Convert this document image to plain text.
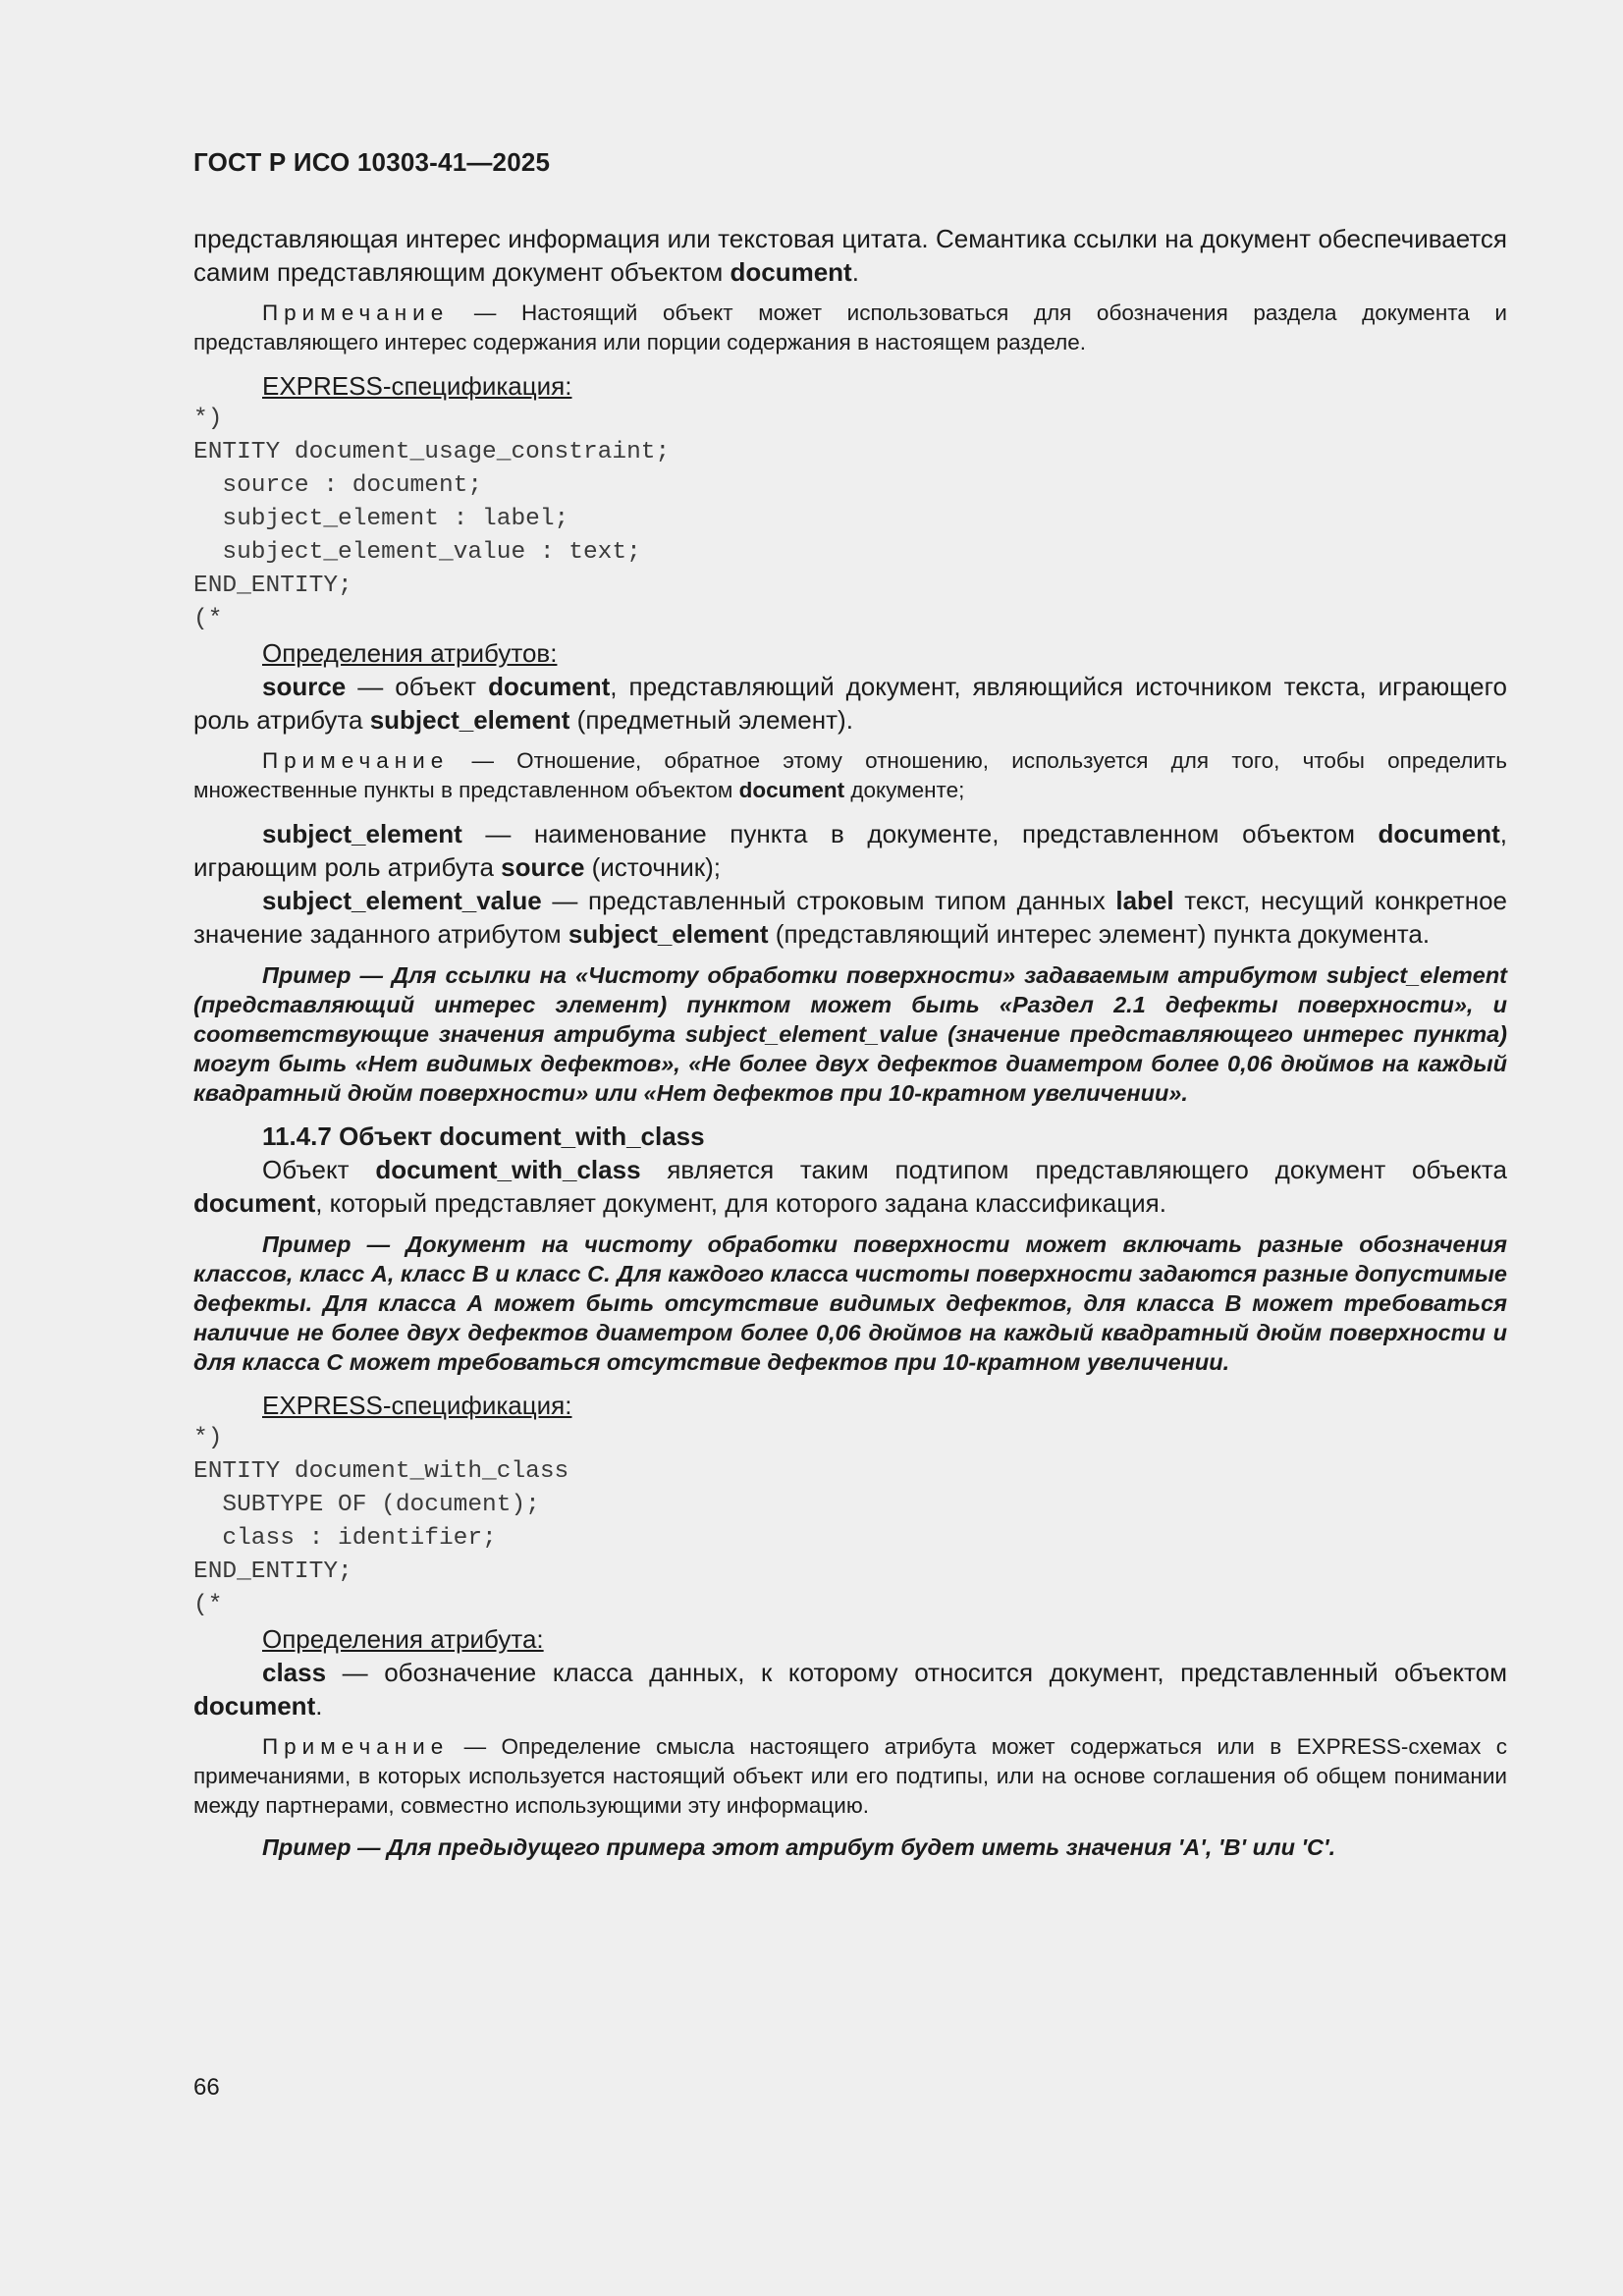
ГОСТ Р ИСО 10303-41—2025

представляющая интерес информация или текстовая цитата. Семантика ссылки на документ обеспечивается самим представляющим документ объектом document.

Примечание — Настоящий объект может использоваться для обозначения раздела документа и представляющего интерес содержания или порции содержания в настоящем разделе.

EXPRESS-спецификация:

*)
ENTITY document_usage_constraint;
source : document;
subject_element : label;
subject_element_value : text;
END_ENTITY;
(*

Определения атрибутов:

source — объект document, представляющий документ, являющийся источником текста, играющего роль атрибута subject_element (предметный элемент).

Примечание — Отношение, обратное этому отношению, используется для того, чтобы определить множественные пункты в представленном объектом document документе;

subject_element — наименование пункта в документе, представленном объектом document, играющим роль атрибута source (источник);

subject_element_value — представленный строковым типом данных label текст, несущий конкретное значение заданного атрибутом subject_element (представляющий интерес элемент) пункта документа.

Пример — Для ссылки на «Чистоту обработки поверхности» задаваемым атрибутом subject_element (представляющий интерес элемент) пунктом может быть «Раздел 2.1 дефекты поверхности», и соответствующие значения атрибута subject_element_value (значение представляющего интерес пункта) могут быть «Нет видимых дефектов», «Не более двух дефектов диаметром более 0,06 дюймов на каждый квадратный дюйм поверхности» или «Нет дефектов при 10-кратном увеличении».

11.4.7 Объект document_with_class

Объект document_with_class является таким подтипом представляющего документ объекта document, который представляет документ, для которого задана классификация.

Пример — Документ на чистоту обработки поверхности может включать разные обозначения классов, класс А, класс В и класс С. Для каждого класса чистоты поверхности задаются разные допустимые дефекты. Для класса А может быть отсутствие видимых дефектов, для класса В может требоваться наличие не более двух дефектов диаметром более 0,06 дюймов на каждый квадратный дюйм поверхности и для класса С может требоваться отсутствие дефектов при 10-кратном увеличении.

EXPRESS-спецификация:

*)
ENTITY document_with_class
SUBTYPE OF (document);
class : identifier;
END_ENTITY;
(*

Определения атрибута:

class — обозначение класса данных, к которому относится документ, представленный объектом document.

Примечание — Определение смысла настоящего атрибута может содержаться или в EXPRESS-схемах с примечаниями, в которых используется настоящий объект или его подтипы, или на основе соглашения об общем понимании между партнерами, совместно использующими эту информацию.

Пример — Для предыдущего примера этот атрибут будет иметь значения 'А', 'В' или 'С'.

66
